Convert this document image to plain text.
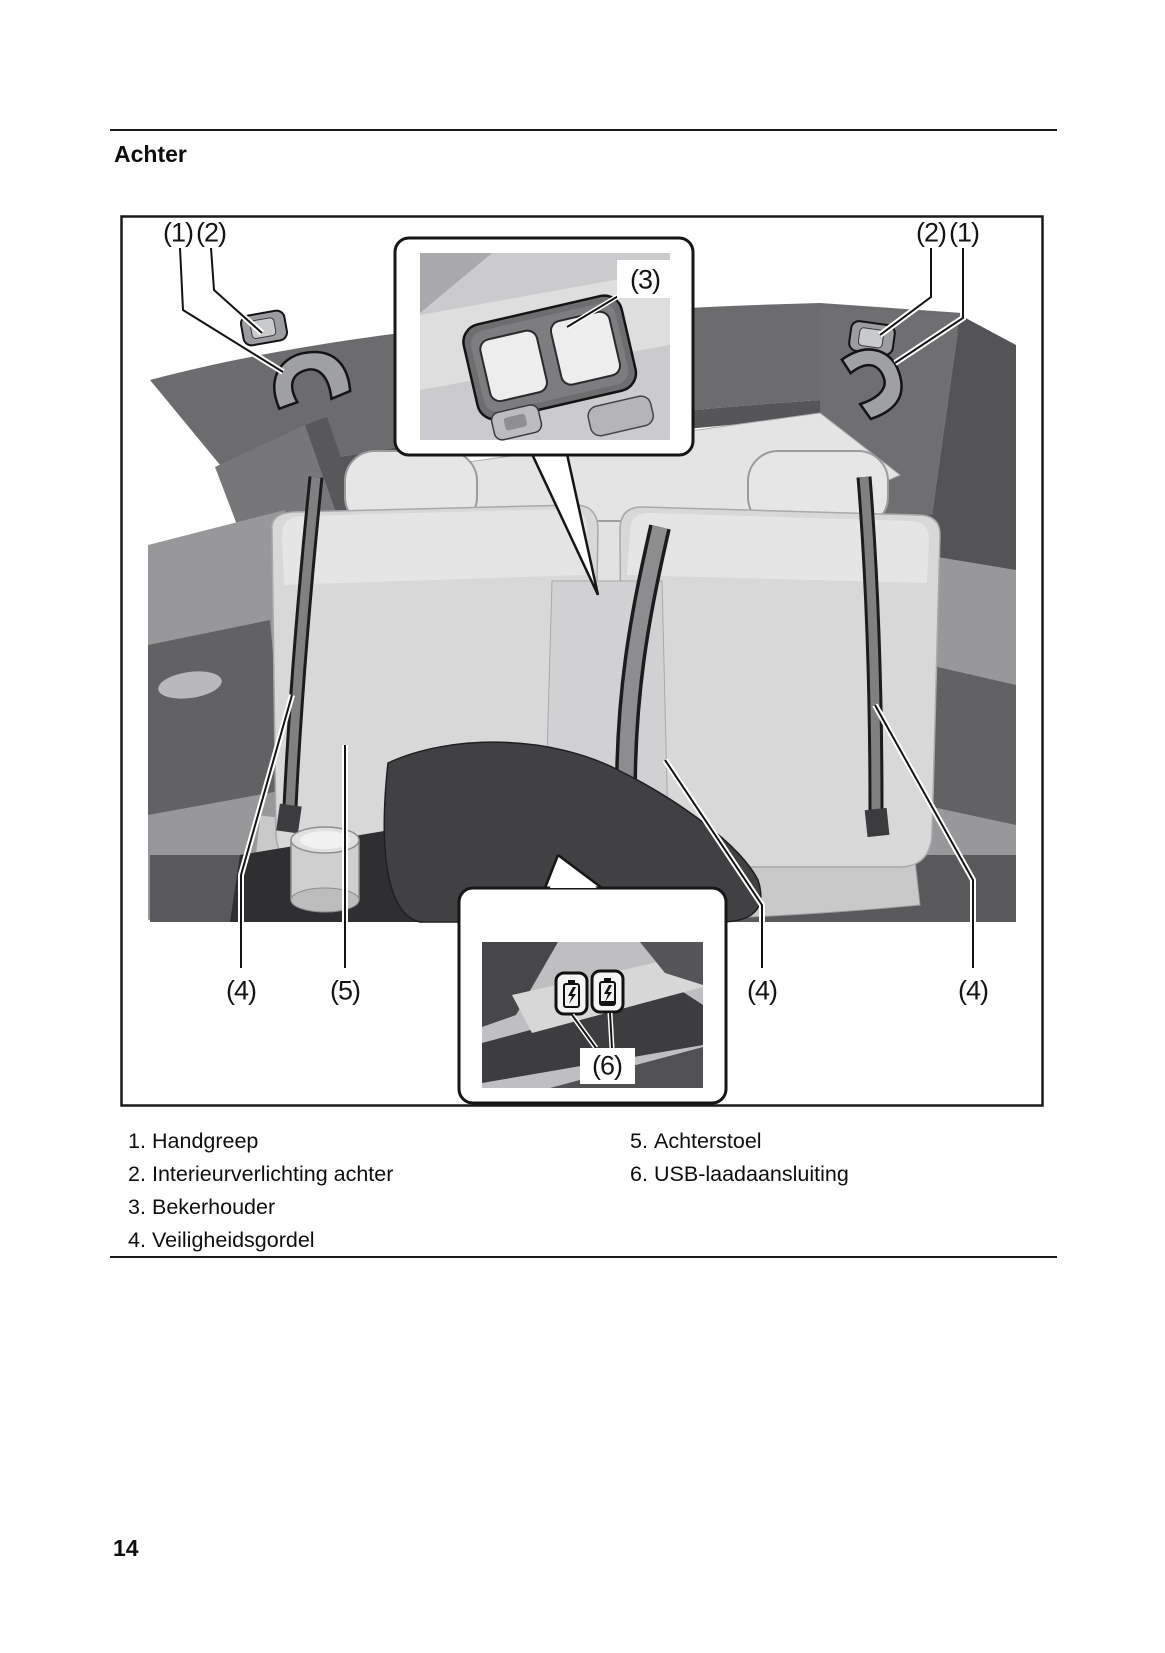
Achter
(1) (2)	(2) (1)
(3)
(4)	(5)	(4)	(4)
(6)
1. Handgreep
2. Interieurverlichting achter
3. Bekerhouder
4. Veiligheidsgordel
5. Achterstoel
6. USB-laadaansluiting
14
